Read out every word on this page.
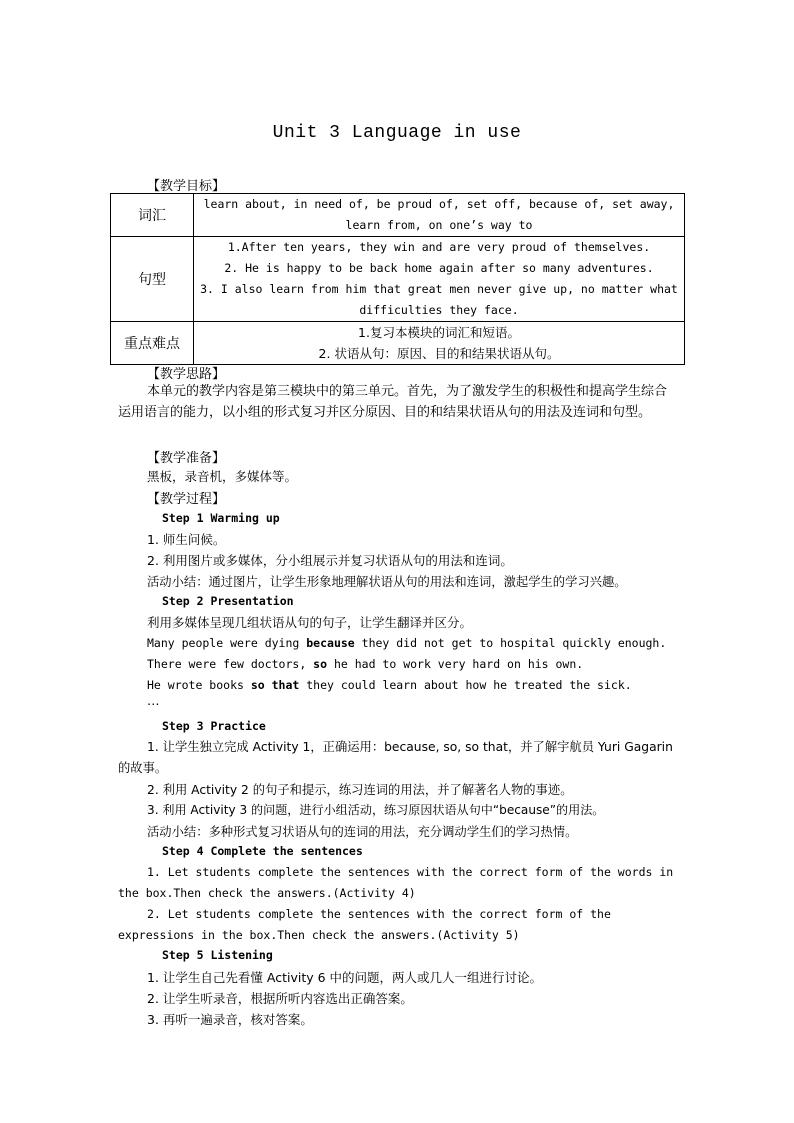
Unit 3 Language in use
【教学目标】
词汇	learn about, in need of, be proud of, set off, because of, set away, learn from, on one’s way to
句型	1.After ten years, they win and are very proud of themselves.
2. He is happy to be back home again after so many adventures.
3. I also learn from him that great men never give up, no matter what difficulties they face.

重点难点	1.复习本模块的词汇和短语。
2. 状语从句：原因、目的和结果状语从句。
【教学思路】
本单元的教学内容是第三模块中的第三单元。首先，为了激发学生的积极性和提高学生综合运用语言的能力，以小组的形式复习并区分原因、目的和结果状语从句的用法及连词和句型。
【教学准备】
黑板，录音机，多媒体等。
【教学过程】
Step 1 Warming up
1. 师生问候。
2. 利用图片或多媒体，分小组展示并复习状语从句的用法和连词。
活动小结：通过图片，让学生形象地理解状语从句的用法和连词，激起学生的学习兴趣。
Step 2 Presentation
利用多媒体呈现几组状语从句的句子，让学生翻译并区分。
Many people were dying because they did not get to hospital quickly enough.
There were few doctors, so he had to work very hard on his own.
He wrote books so that they could learn about how he treated the sick.
…
Step 3 Practice
1. 让学生独立完成 Activity 1，正确运用：because, so, so that，并了解宇航员 Yuri Gagarin 的故事。
2. 利用 Activity 2 的句子和提示，练习连词的用法，并了解著名人物的事迹。
3. 利用 Activity 3 的问题，进行小组活动，练习原因状语从句中“because”的用法。
活动小结：多种形式复习状语从句的连词的用法，充分调动学生们的学习热情。
Step 4 Complete the sentences
1. Let students complete the sentences with the correct form of the words in the box.Then check the answers.(Activity 4)
2. Let students complete the sentences with the correct form of the expressions in the box.Then check the answers.(Activity 5)
Step 5 Listening
1. 让学生自己先看懂 Activity 6 中的问题，两人或几人一组进行讨论。
2. 让学生听录音，根据所听内容选出正确答案。
3. 再听一遍录音，核对答案。
